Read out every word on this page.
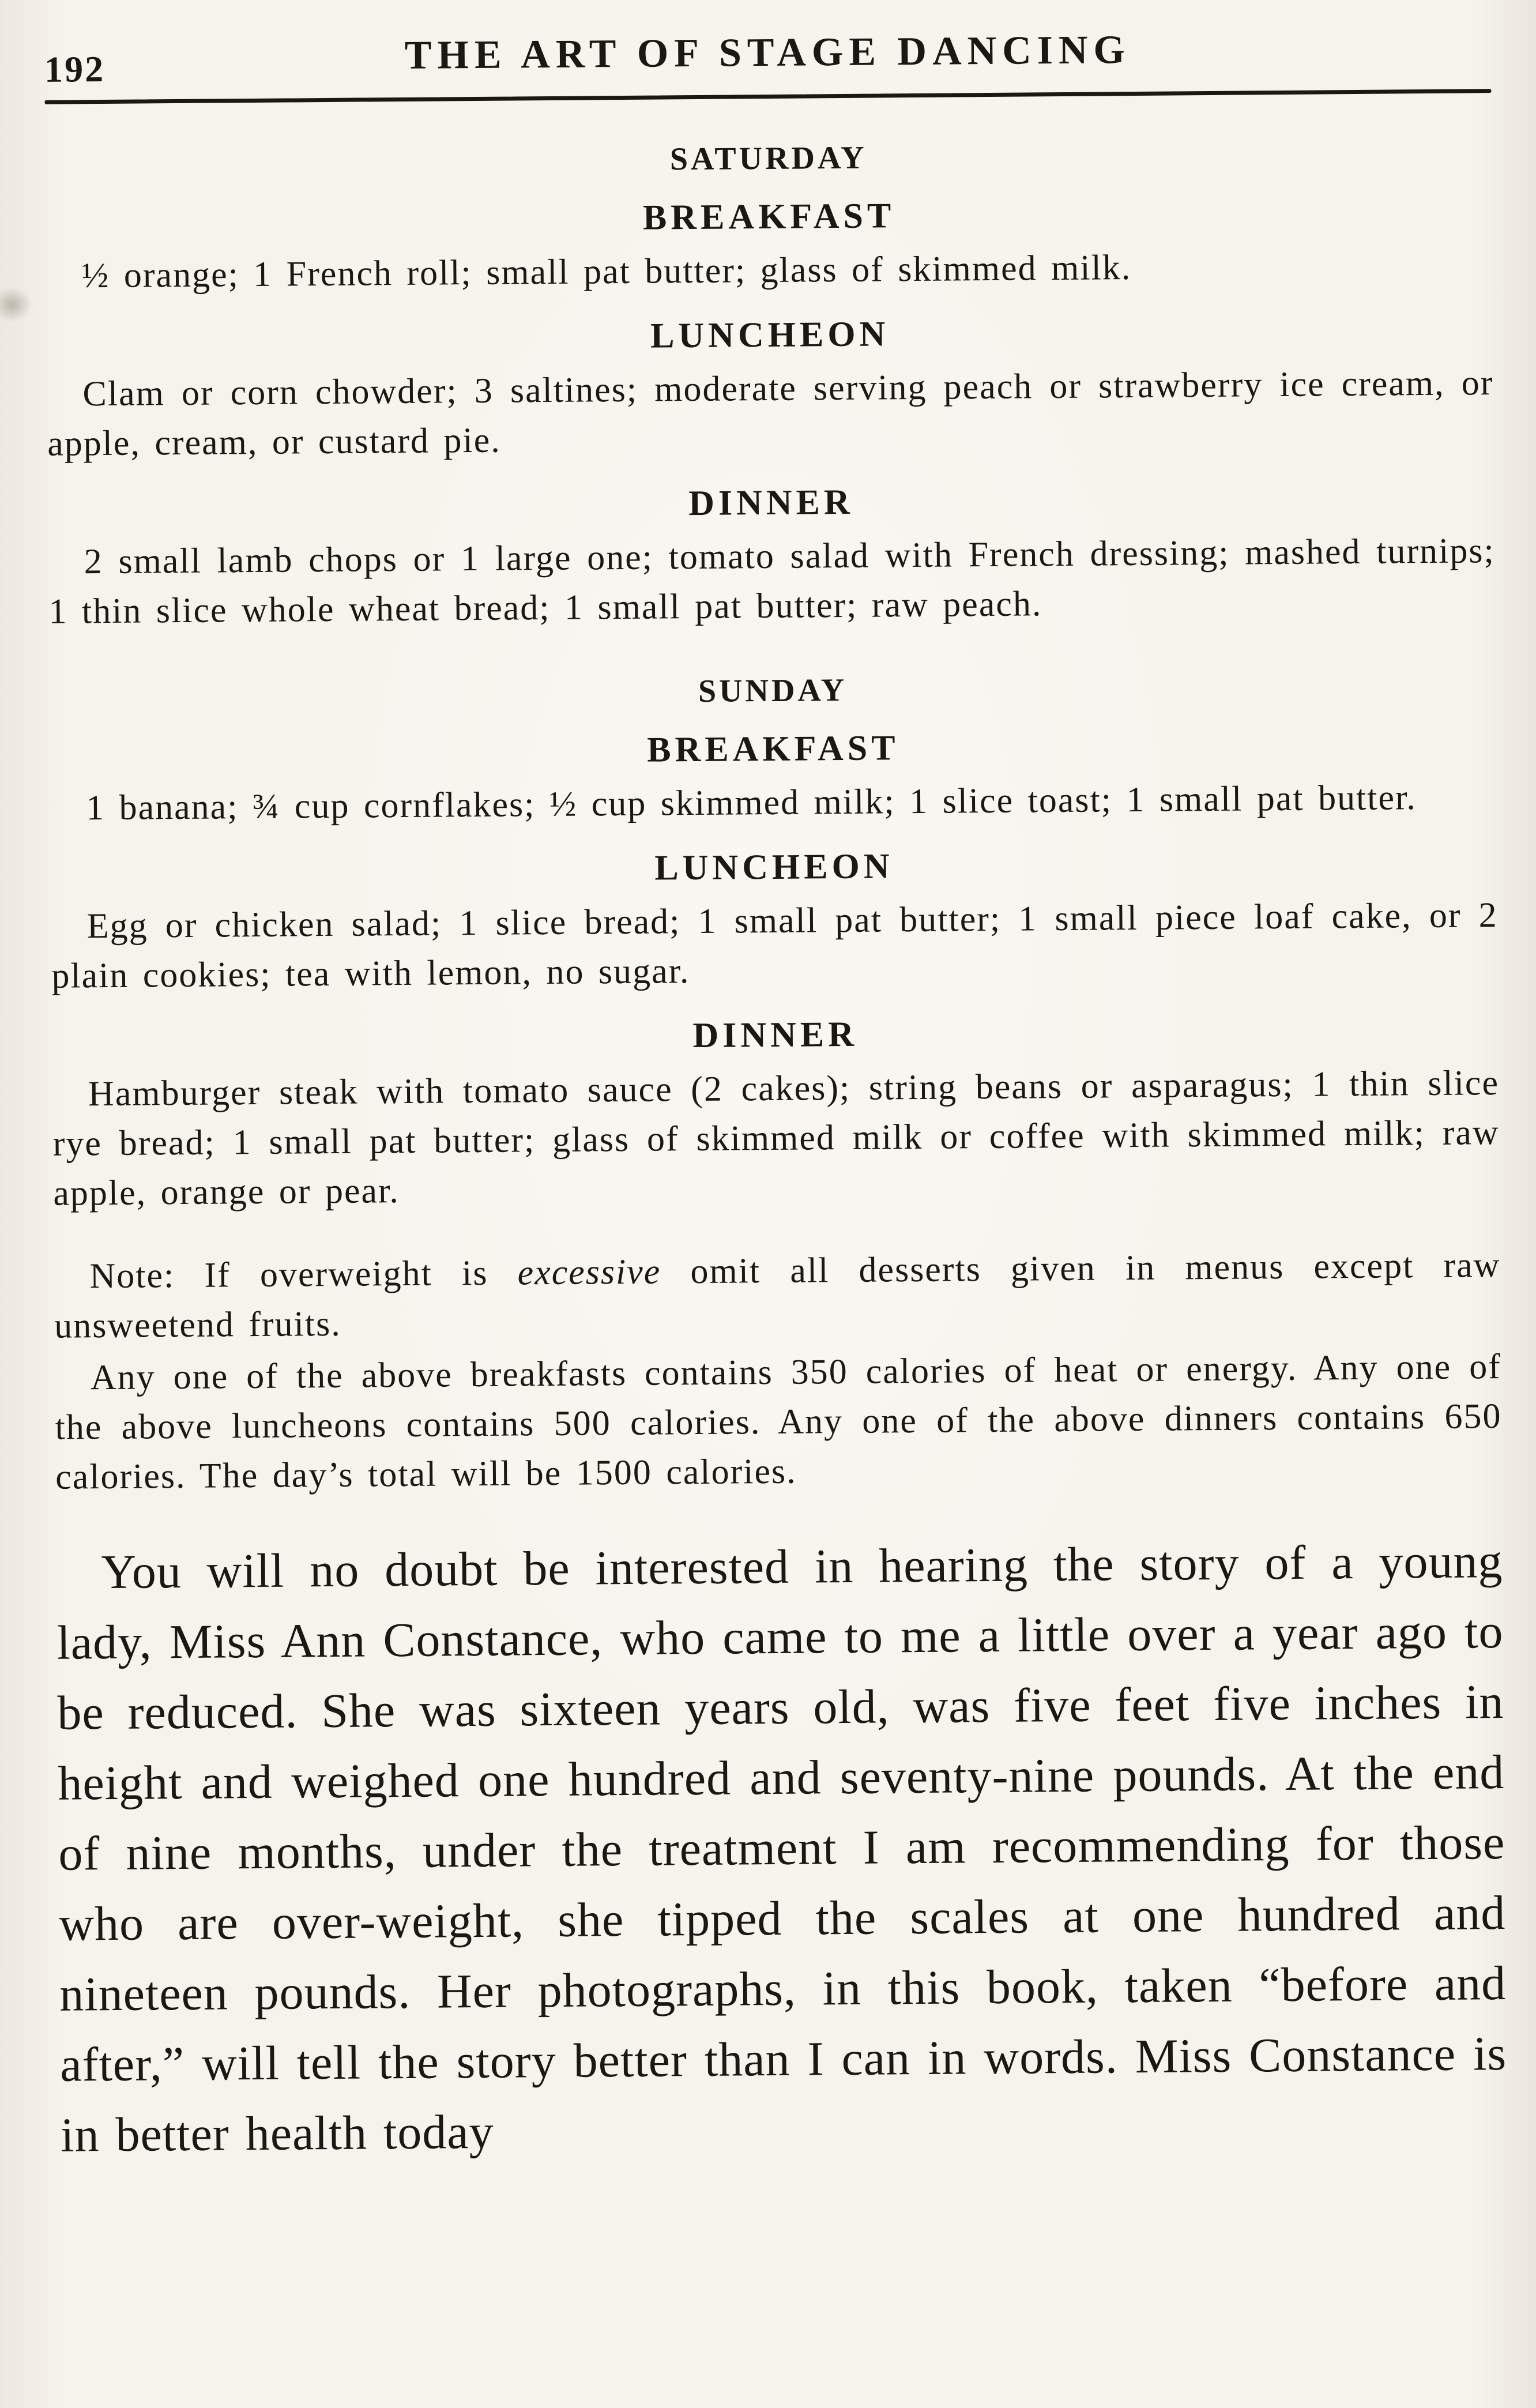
192	THE ART OF STAGE DANCING
SATURDAY
BREAKFAST

½ orange; 1 French roll; small pat butter; glass of skimmed milk.

LUNCHEON

Clam or corn chowder; 3 saltines; moderate serving peach or strawberry ice cream, or apple, cream, or custard pie.

DINNER

2 small lamb chops or 1 large one; tomato salad with French dressing; mashed turnips; 1 thin slice whole wheat bread; 1 small pat butter; raw peach.

SUNDAY
BREAKFAST

1 banana; ¾ cup cornflakes; ½ cup skimmed milk; 1 slice toast; 1 small pat butter.

LUNCHEON

Egg or chicken salad; 1 slice bread; 1 small pat butter; 1 small piece loaf cake, or 2 plain cookies; tea with lemon, no sugar.

DINNER

Hamburger steak with tomato sauce (2 cakes); string beans or asparagus; 1 thin slice rye bread; 1 small pat butter; glass of skimmed milk or coffee with skimmed milk; raw apple, orange or pear.

Note: If overweight is excessive omit all desserts given in menus except raw unsweetend fruits.

Any one of the above breakfasts contains 350 calories of heat or energy. Any one of the above luncheons contains 500 calories. Any one of the above dinners contains 650 calories. The day’s total will be 1500 calories.

You will no doubt be interested in hearing the story of a young lady, Miss Ann Constance, who came to me a little over a year ago to be reduced. She was sixteen years old, was five feet five inches in height and weighed one hundred and seventy-nine pounds. At the end of nine months, under the treatment I am recommending for those who are over-weight, she tipped the scales at one hundred and nineteen pounds. Her photographs, in this book, taken “before and after,” will tell the story better than I can in words. Miss Constance is in better health today
